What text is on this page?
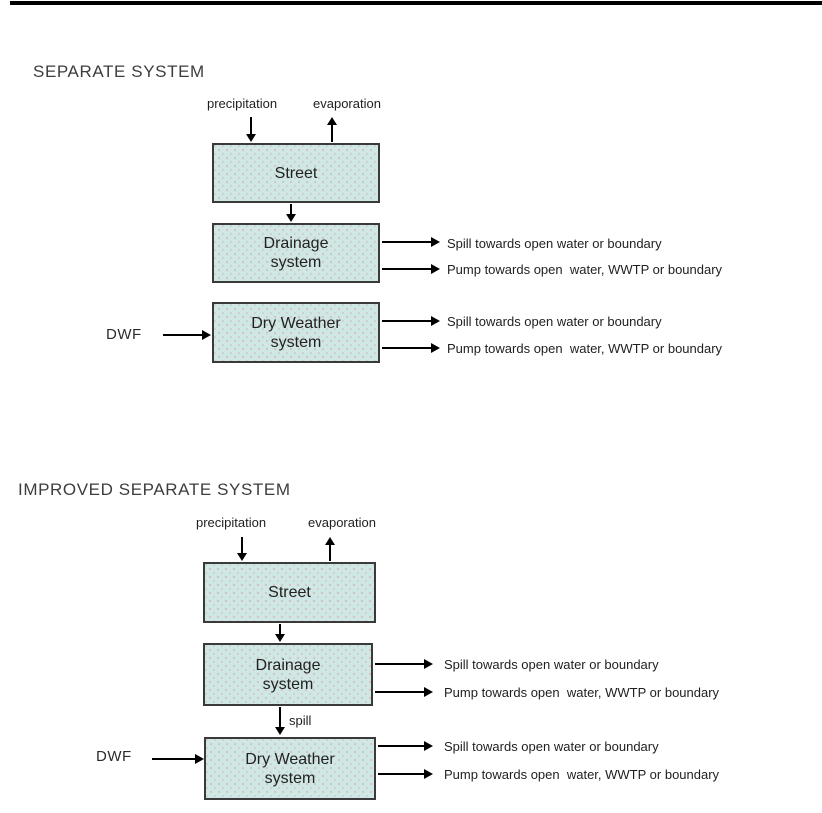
SEPARATE SYSTEM
precipitation	evaporation
Street
Drainage
system
Spill towards open water or boundary
Pump towards open  water, WWTP or boundary
DWF
Dry Weather
system
Spill towards open water or boundary
Pump towards open  water, WWTP or boundary
IMPROVED SEPARATE SYSTEM
precipitation	evaporation
Street
Drainage
system
Spill towards open water or boundary
Pump towards open  water, WWTP or boundary
spill
DWF	Dry Weather
system
Spill towards open water or boundary
Pump towards open  water, WWTP or boundary
